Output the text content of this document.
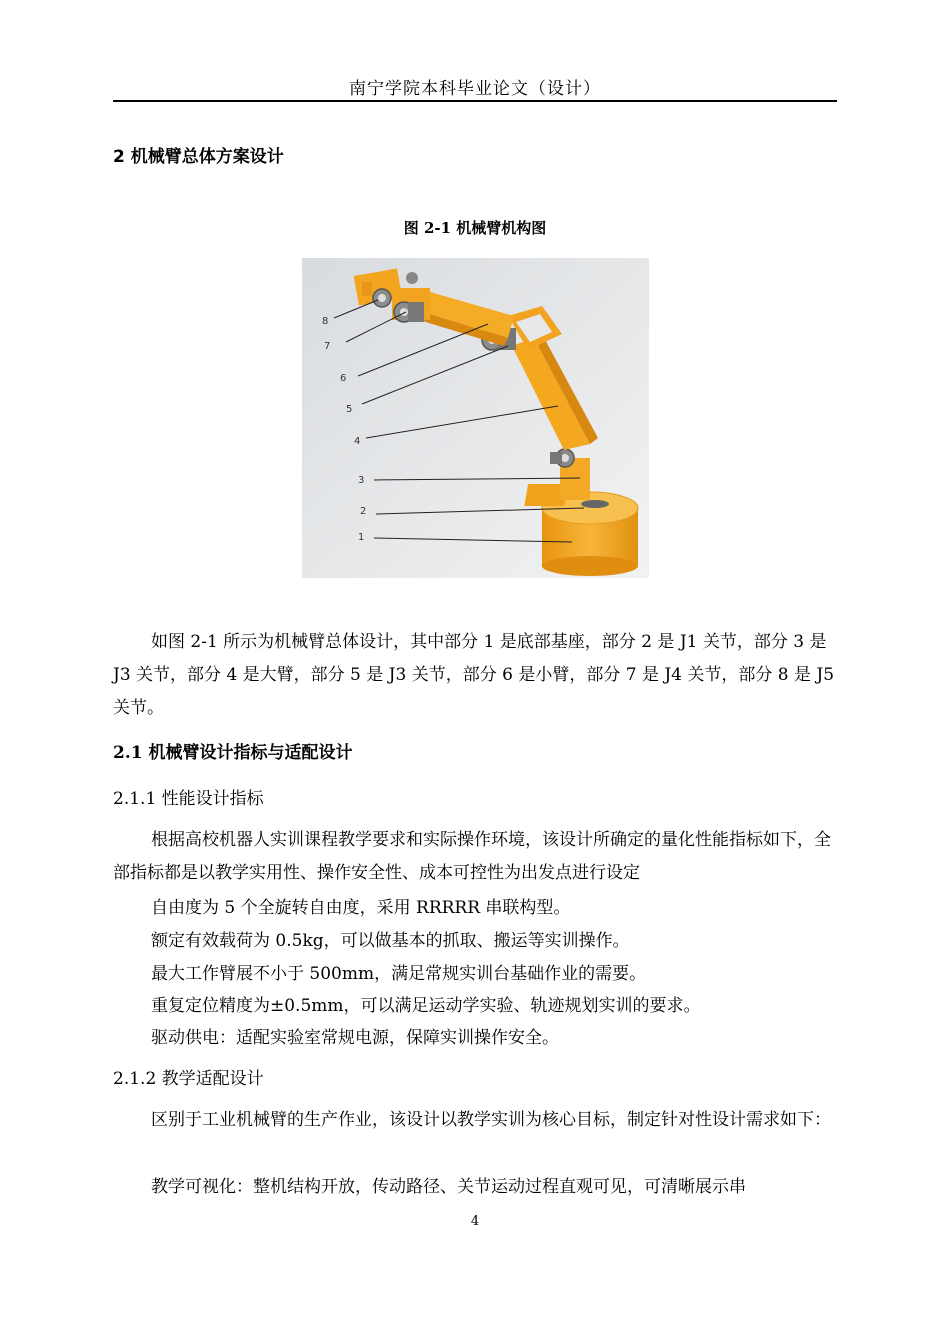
南宁学院本科毕业论文（设计）
2 机械臂总体方案设计
图 2-1 机械臂机构图
8
7
6
5
4
3
2
1
如图 2-1 所示为机械臂总体设计，其中部分 1 是底部基座，部分 2 是 J1 关节，部分 3 是 J3 关节，部分 4 是大臂，部分 5 是 J3 关节，部分 6 是小臂，部分 7 是 J4 关节，部分 8 是 J5 关节。
2.1 机械臂设计指标与适配设计
2.1.1 性能设计指标
根据高校机器人实训课程教学要求和实际操作环境，该设计所确定的量化性能指标如下，全部指标都是以教学实用性、操作安全性、成本可控性为出发点进行设定
自由度为 5 个全旋转自由度，采用 RRRRR 串联构型。
额定有效载荷为 0.5kg，可以做基本的抓取、搬运等实训操作。
最大工作臂展不小于 500mm，满足常规实训台基础作业的需要。
重复定位精度为±0.5mm，可以满足运动学实验、轨迹规划实训的要求。
驱动供电：适配实验室常规电源，保障实训操作安全。
2.1.2 教学适配设计
区别于工业机械臂的生产作业，该设计以教学实训为核心目标，制定针对性设计需求如下：
教学可视化：整机结构开放，传动路径、关节运动过程直观可见，可清晰展示串
4
